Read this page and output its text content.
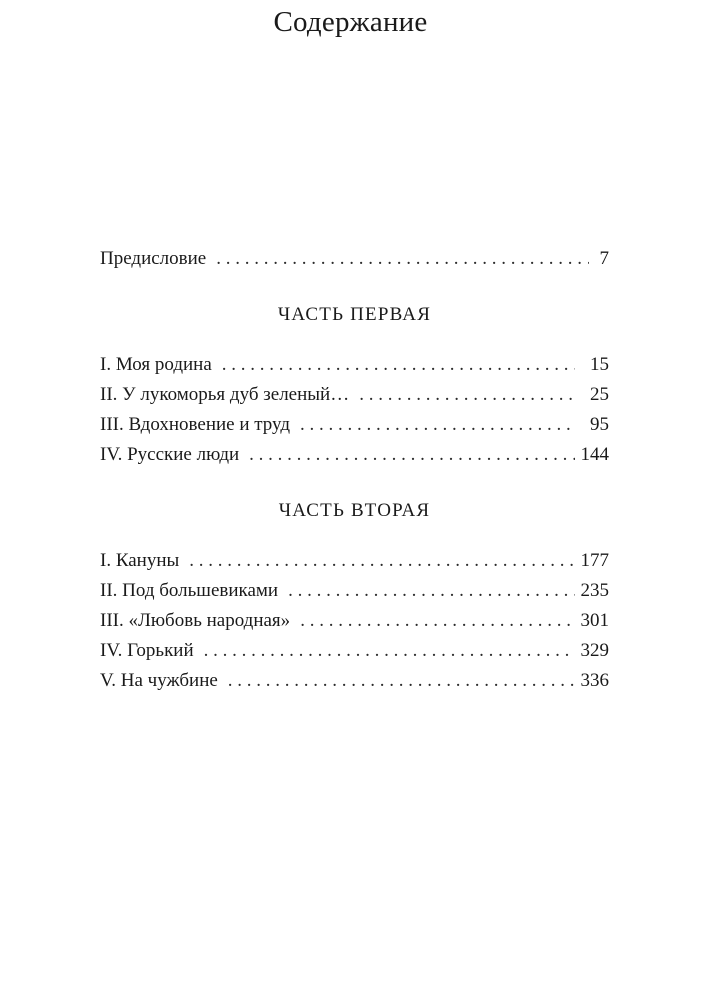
Содержание
Предисловие . . .	7
ЧАСТЬ ПЕРВАЯ
I. Моя родина . . .	15
II. У лукоморья дуб зеленый… . . .	25
III. Вдохновение и труд . . .	95
IV. Русские люди . . .	144
ЧАСТЬ ВТОРАЯ
I. Кануны . . .	177
II. Под большевиками . . .	235
III. «Любовь народная» . . .	301
IV. Горький . . .	329
V. На чужбине . . .	336
